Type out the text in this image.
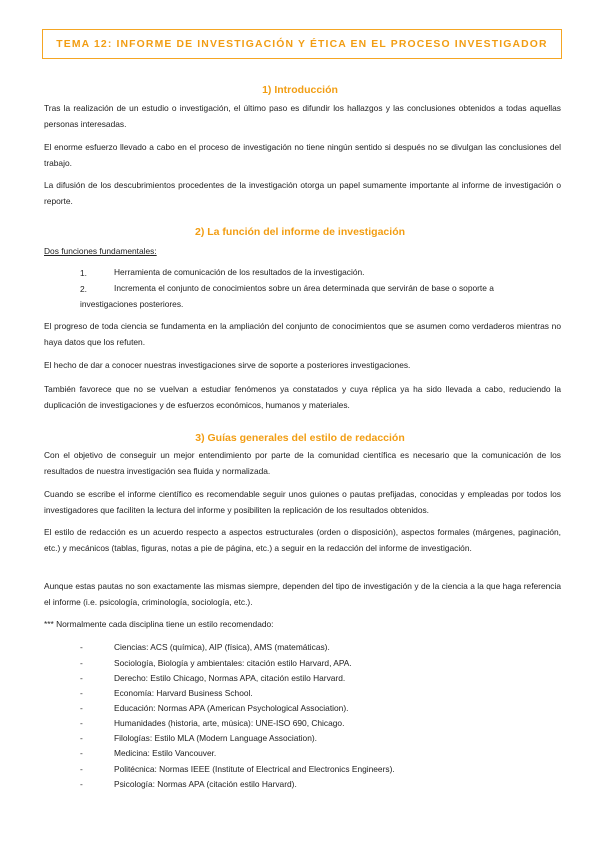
TEMA 12: INFORME DE INVESTIGACIÓN Y ÉTICA EN EL PROCESO INVESTIGADOR
1) Introducción

Tras la realización de un estudio o investigación, el último paso es difundir los hallazgos y las conclusiones obtenidos a todas aquellas personas interesadas.

El enorme esfuerzo llevado a cabo en el proceso de investigación no tiene ningún sentido si después no se divulgan las conclusiones del trabajo.

La difusión de los descubrimientos procedentes de la investigación otorga un papel sumamente importante al informe de investigación o reporte.

2) La función del informe de investigación
Dos funciones fundamentales:
1.	Herramienta de comunicación de los resultados de la investigación.
2.	Incrementa el conjunto de conocimientos sobre un área determinada que servirán de base o soporte a
investigaciones posteriores.

El progreso de toda ciencia se fundamenta en la ampliación del conjunto de conocimientos que se asumen como verdaderos mientras no haya datos que los refuten.

El hecho de dar a conocer nuestras investigaciones sirve de soporte a posteriores investigaciones.

También favorece que no se vuelvan a estudiar fenómenos ya constatados y cuya réplica ya ha sido llevada a cabo, reduciendo la duplicación de investigaciones y de esfuerzos económicos, humanos y materiales.

3) Guías generales del estilo de redacción

Con el objetivo de conseguir un mejor entendimiento por parte de la comunidad científica es necesario que la comunicación de los resultados de nuestra investigación sea fluida y normalizada.

Cuando se escribe el informe científico es recomendable seguir unos guiones o pautas prefijadas, conocidas y empleadas por todos los investigadores que faciliten la lectura del informe y posibiliten la replicación de los resultados obtenidos.

El estilo de redacción es un acuerdo respecto a aspectos estructurales (orden o disposición), aspectos formales (márgenes, paginación, etc.) y mecánicos (tablas, figuras, notas a pie de página, etc.) a seguir en la redacción del informe de investigación.

Aunque estas pautas no son exactamente las mismas siempre, dependen del tipo de investigación y de la ciencia a la que haga referencia el informe (i.e. psicología, criminología, sociología, etc.).

*** Normalmente cada disciplina tiene un estilo recomendado:

-	Ciencias: ACS (química), AIP (física), AMS (matemáticas).
-	Sociología, Biología y ambientales: citación estilo Harvard, APA.
-	Derecho: Estilo Chicago, Normas APA, citación estilo Harvard.
-	Economía: Harvard Business School.
-	Educación: Normas APA (American Psychological Association).
-	Humanidades (historia, arte, música): UNE-ISO 690, Chicago.
-	Filologías: Estilo MLA (Modern Language Association).
-	Medicina: Estilo Vancouver.
-	Politécnica: Normas IEEE (Institute of Electrical and Electronics Engineers).
-	Psicología: Normas APA (citación estilo Harvard).
